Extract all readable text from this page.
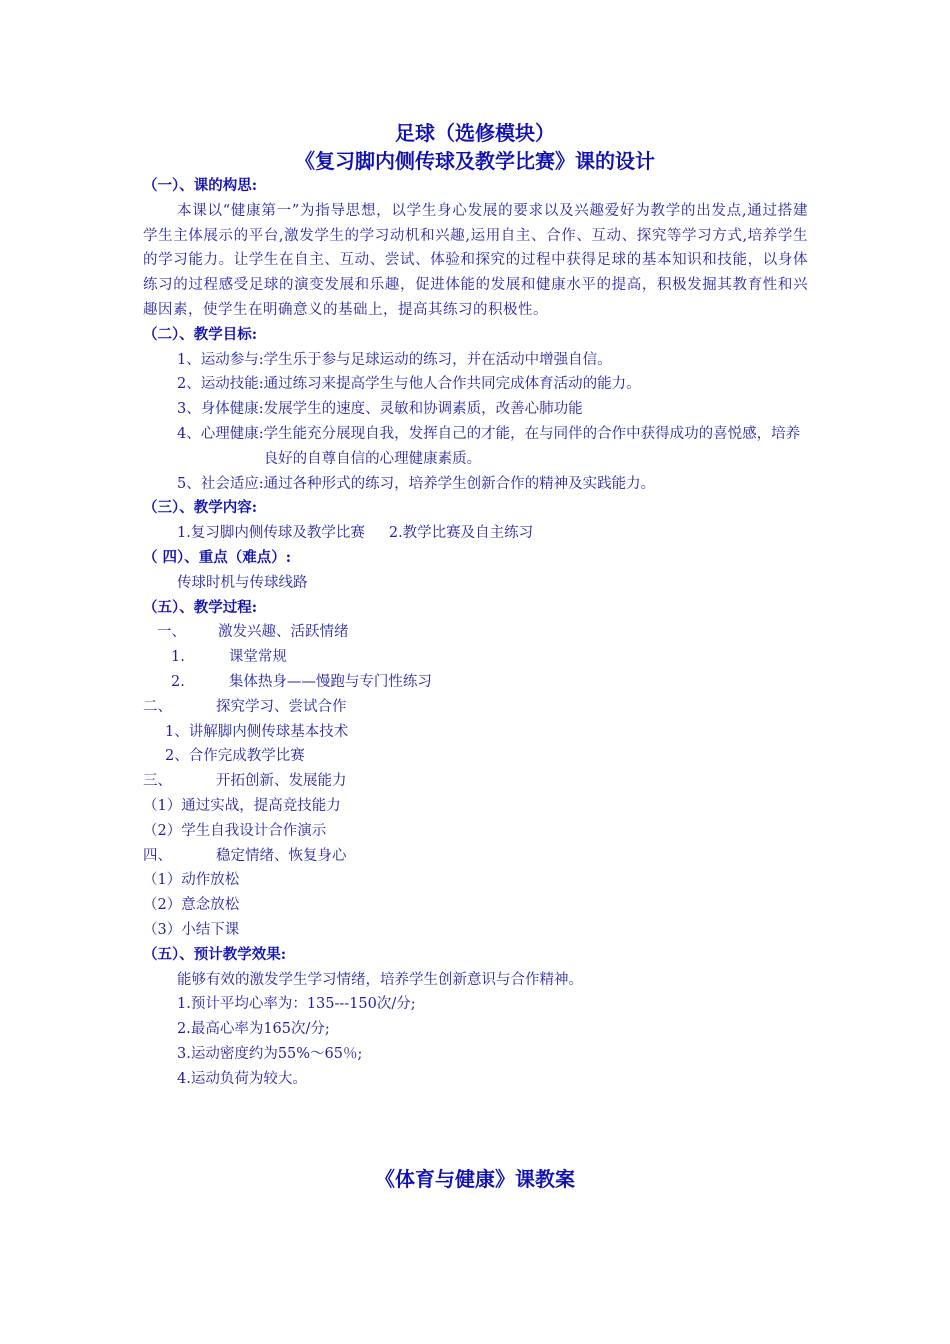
足球（选修模块）
《复习脚内侧传球及教学比赛》课的设计
（一）、课的构思:
本课以“健康第一”为指导思想，以学生身心发展的要求以及兴趣爱好为教学的出发点,通过搭建学生主体展示的平台,激发学生的学习动机和兴趣,运用自主、合作、互动、探究等学习方式,培养学生的学习能力。让学生在自主、互动、尝试、体验和探究的过程中获得足球的基本知识和技能，以身体练习的过程感受足球的演变发展和乐趣，促进体能的发展和健康水平的提高，积极发掘其教育性和兴趣因素，使学生在明确意义的基础上，提高其练习的积极性。
（二）、教学目标:
1、运动参与: 学生乐于参与足球运动的练习，并在活动中增强自信。
2、运动技能: 通过练习来提高学生与他人合作共同完成体育活动的能力。
3、身体健康: 发展学生的速度、灵敏和协调素质，改善心肺功能
4、心理健康: 学生能充分展现自我，发挥自己的才能，在与同伴的合作中获得成功的喜悦感，培养良好的自尊自信的心理健康素质。
5、社会适应: 通过各种形式的练习，培养学生创新合作的精神及实践能力。
（三）、教学内容:
1.复习脚内侧传球及教学比赛 2.教学比赛及自主练习
（ 四）、重点（难点）:
传球时机与传球线路
（五）、教学过程:
一、 激发兴趣、活跃情绪
1.	课堂常规
2.	集体热身——慢跑与专门性练习
二、	探究学习、尝试合作
1、讲解脚内侧传球基本技术
2、合作完成教学比赛
三、	开拓创新、发展能力
（1）通过实战，提高竞技能力
（2）学生自我设计合作演示
四、	稳定情绪、恢复身心
（1）动作放松
（2）意念放松
（3）小结下课
（五）、预计教学效果:
能够有效的激发学生学习情绪，培养学生创新意识与合作精神。
1.预计平均心率为：135---150次/分;
2.最高心率为165次/分;
3.运动密度约为55%～65％;
4.运动负荷为较大。
《体育与健康》课教案
